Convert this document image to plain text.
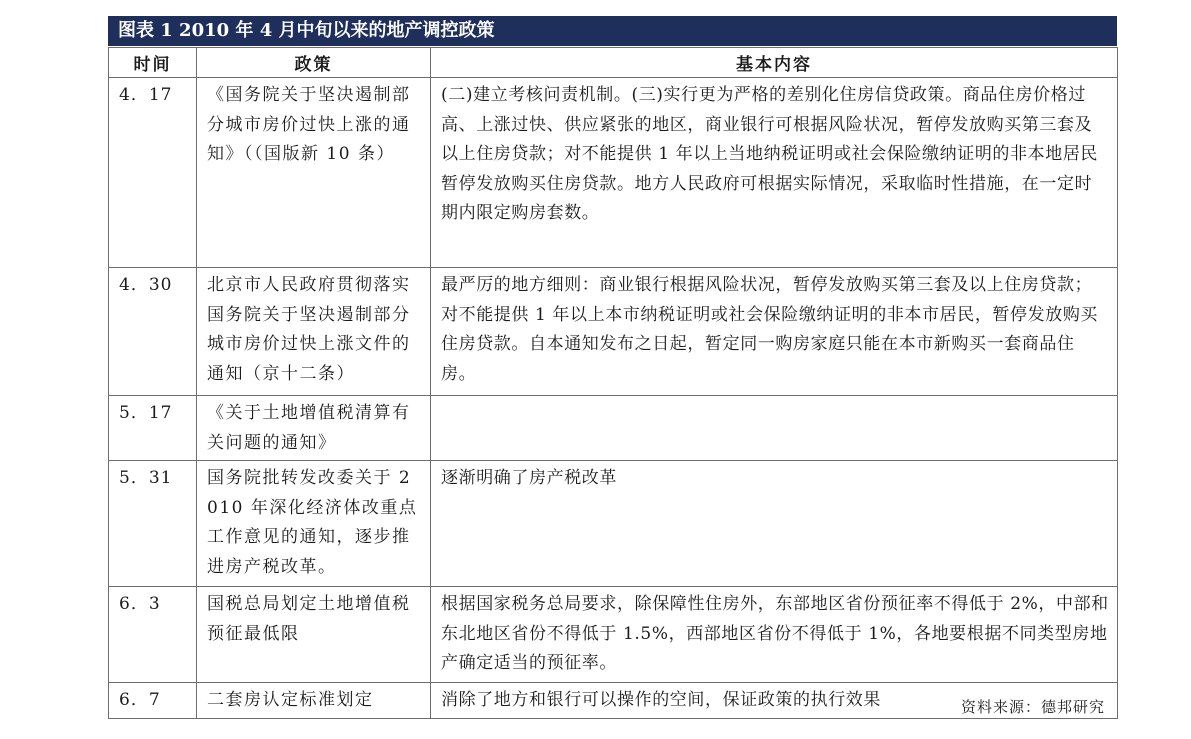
图表 1 2010 年 4 月中旬以来的地产调控政策
时间	政策	基本内容
4．17	《国务院关于坚决遏制部分城市房价过快上涨的通知》（（国版新 10 条）	(二)建立考核问责机制。(三)实行更为严格的差别化住房信贷政策。商品住房价格过高、上涨过快、供应紧张的地区，商业银行可根据风险状况，暂停发放购买第三套及以上住房贷款；对不能提供 1 年以上当地纳税证明或社会保险缴纳证明的非本地居民暂停发放购买住房贷款。地方人民政府可根据实际情况，采取临时性措施，在一定时期内限定购房套数。
4．30	北京市人民政府贯彻落实国务院关于坚决遏制部分城市房价过快上涨文件的通知（京十二条）	最严厉的地方细则：商业银行根据风险状况，暂停发放购买第三套及以上住房贷款；对不能提供 1 年以上本市纳税证明或社会保险缴纳证明的非本市居民，暂停发放购买住房贷款。自本通知发布之日起，暂定同一购房家庭只能在本市新购买一套商品住房。
5．17	《关于土地增值税清算有关问题的通知》	
5．31	国务院批转发改委关于 2010 年深化经济体改重点工作意见的通知，逐步推进房产税改革。	逐渐明确了房产税改革
6．3	国税总局划定土地增值税预征最低限	根据国家税务总局要求，除保障性住房外，东部地区省份预征率不得低于 2%，中部和东北地区省份不得低于 1.5%，西部地区省份不得低于 1%，各地要根据不同类型房地产确定适当的预征率。
6．7	二套房认定标准划定	消除了地方和银行可以操作的空间，保证政策的执行效果	资料来源：德邦研究
